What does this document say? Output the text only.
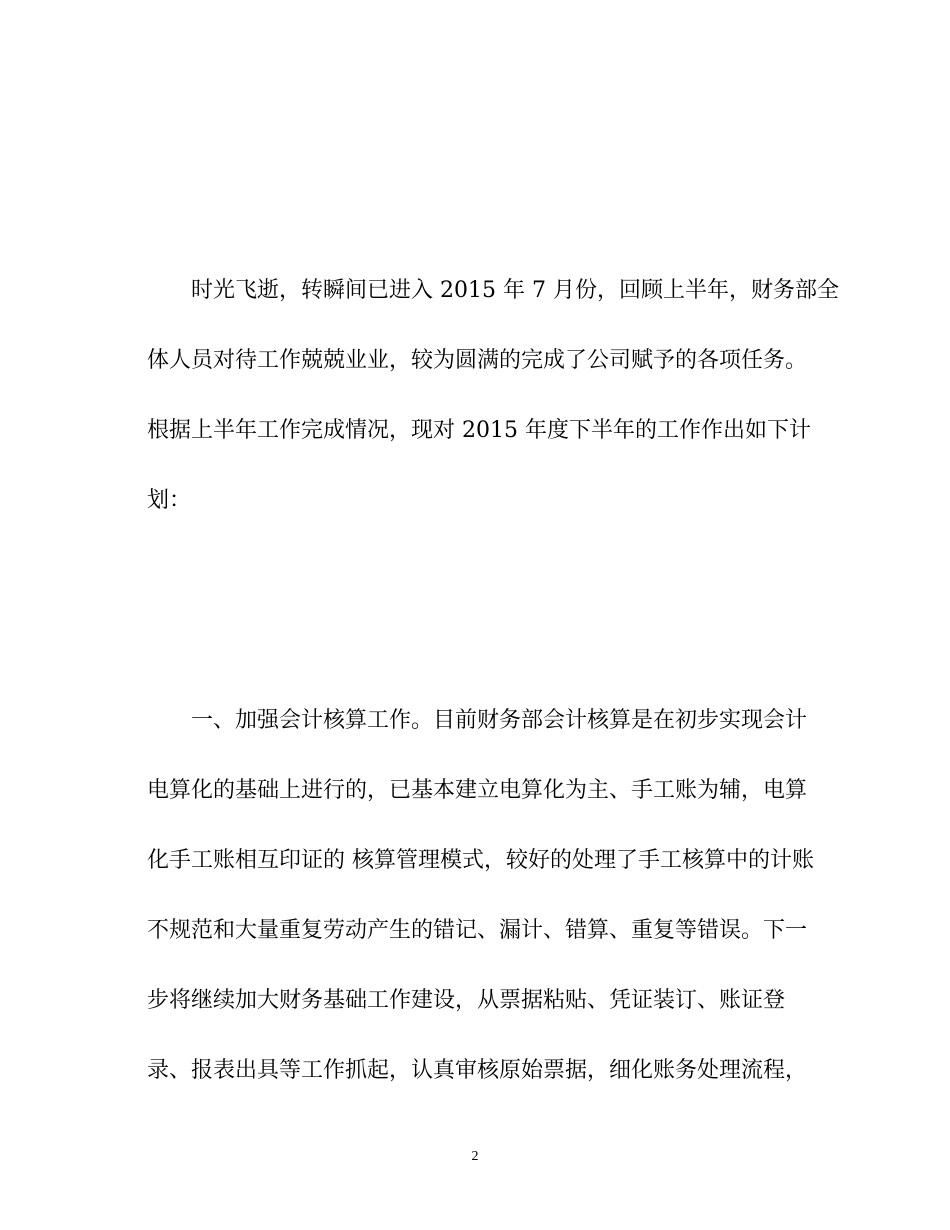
时光飞逝，转瞬间已进入 2015 年 7 月份，回顾上半年，财务部全
体人员对待工作兢兢业业，较为圆满的完成了公司赋予的各项任务。
根据上半年工作完成情况，现对 2015 年度下半年的工作作出如下计
划：
一、加强会计核算工作。目前财务部会计核算是在初步实现会计
电算化的基础上进行的，已基本建立电算化为主、手工账为辅，电算
化手工账相互印证的 核算管理模式，较好的处理了手工核算中的计账
不规范和大量重复劳动产生的错记、漏计、错算、重复等错误。下一
步将继续加大财务基础工作建设，从票据粘贴、凭证装订、账证登
录、报表出具等工作抓起，认真审核原始票据，细化账务处理流程，
2
